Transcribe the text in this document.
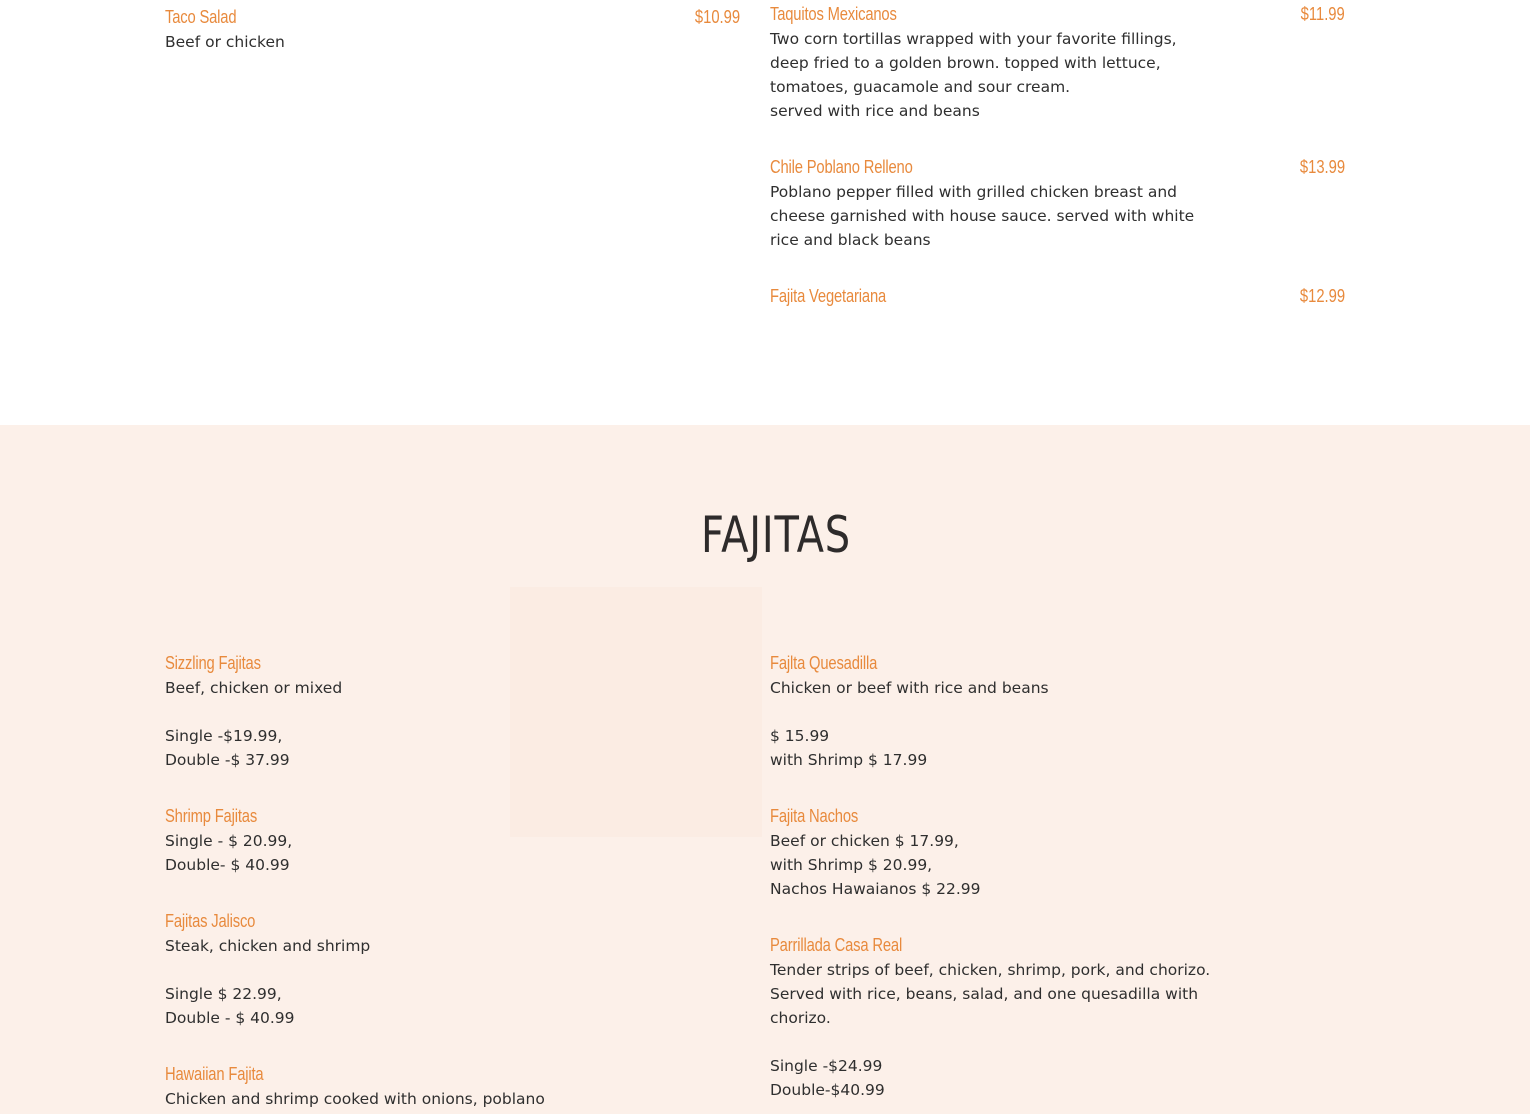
Taco Salad	$10.99
Beef or chicken
Taquitos Mexicanos	$11.99
Two corn tortillas wrapped with your favorite fillings,
deep fried to a golden brown. topped with lettuce,
tomatoes, guacamole and sour cream.
served with rice and beans
Chile Poblano Relleno	$13.99
Poblano pepper filled with grilled chicken breast and
cheese garnished with house sauce. served with white
rice and black beans
Fajita Vegetariana	$12.99
FAJITAS
Sizzling Fajitas
Beef, chicken or mixed

Single -$19.99,
Double -$ 37.99
Shrimp Fajitas
Single - $ 20.99,
Double- $ 40.99
Fajitas Jalisco
Steak, chicken and shrimp

Single $ 22.99,
Double - $ 40.99
Hawaiian Fajita
Chicken and shrimp cooked with onions, poblano
Fajlta Quesadilla
Chicken or beef with rice and beans

$ 15.99
with Shrimp $ 17.99
Fajita Nachos
Beef or chicken $ 17.99,
with Shrimp $ 20.99,
Nachos Hawaianos $ 22.99
Parrillada Casa Real
Tender strips of beef, chicken, shrimp, pork, and chorizo.
Served with rice, beans, salad, and one quesadilla with
chorizo.

Single -$24.99
Double-$40.99
